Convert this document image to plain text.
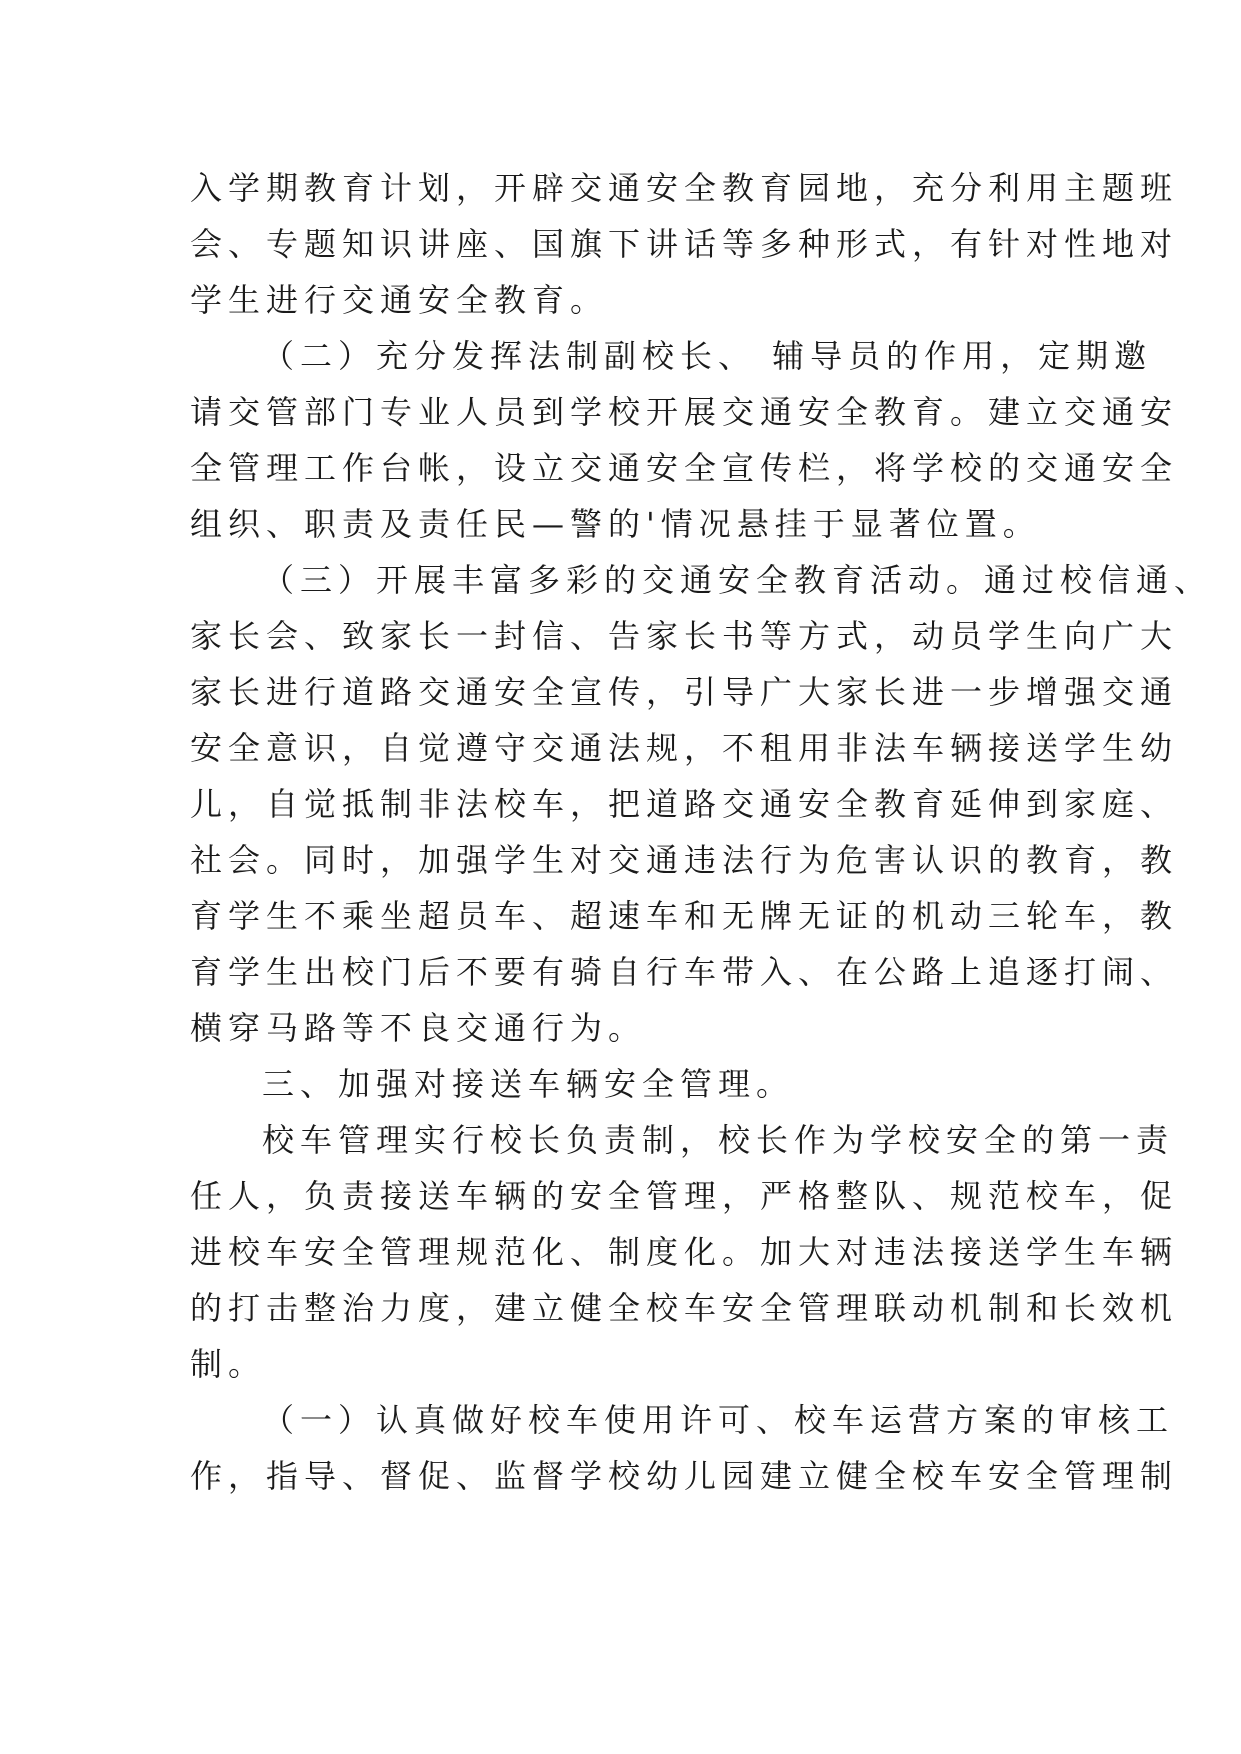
入学期教育计划，开辟交通安全教育园地，充分利用主题班
会、专题知识讲座、国旗下讲话等多种形式，有针对性地对
学生进行交通安全教育。
（二）充分发挥法制副校长、 辅导员的作用，定期邀
请交管部门专业人员到学校开展交通安全教育。建立交通安
全管理工作台帐，设立交通安全宣传栏，将学校的交通安全
组织、职责及责任民—警的'情况悬挂于显著位置。
（三）开展丰富多彩的交通安全教育活动。通过校信通、
家长会、致家长一封信、告家长书等方式，动员学生向广大
家长进行道路交通安全宣传，引导广大家长进一步增强交通
安全意识，自觉遵守交通法规，不租用非法车辆接送学生幼
儿，自觉抵制非法校车，把道路交通安全教育延伸到家庭、
社会。同时，加强学生对交通违法行为危害认识的教育，教
育学生不乘坐超员车、超速车和无牌无证的机动三轮车，教
育学生出校门后不要有骑自行车带入、在公路上追逐打闹、
横穿马路等不良交通行为。
三、加强对接送车辆安全管理。
校车管理实行校长负责制，校长作为学校安全的第一责
任人，负责接送车辆的安全管理，严格整队、规范校车，促
进校车安全管理规范化、制度化。加大对违法接送学生车辆
的打击整治力度，建立健全校车安全管理联动机制和长效机
制。
（一）认真做好校车使用许可、校车运营方案的审核工
作，指导、督促、监督学校幼儿园建立健全校车安全管理制
